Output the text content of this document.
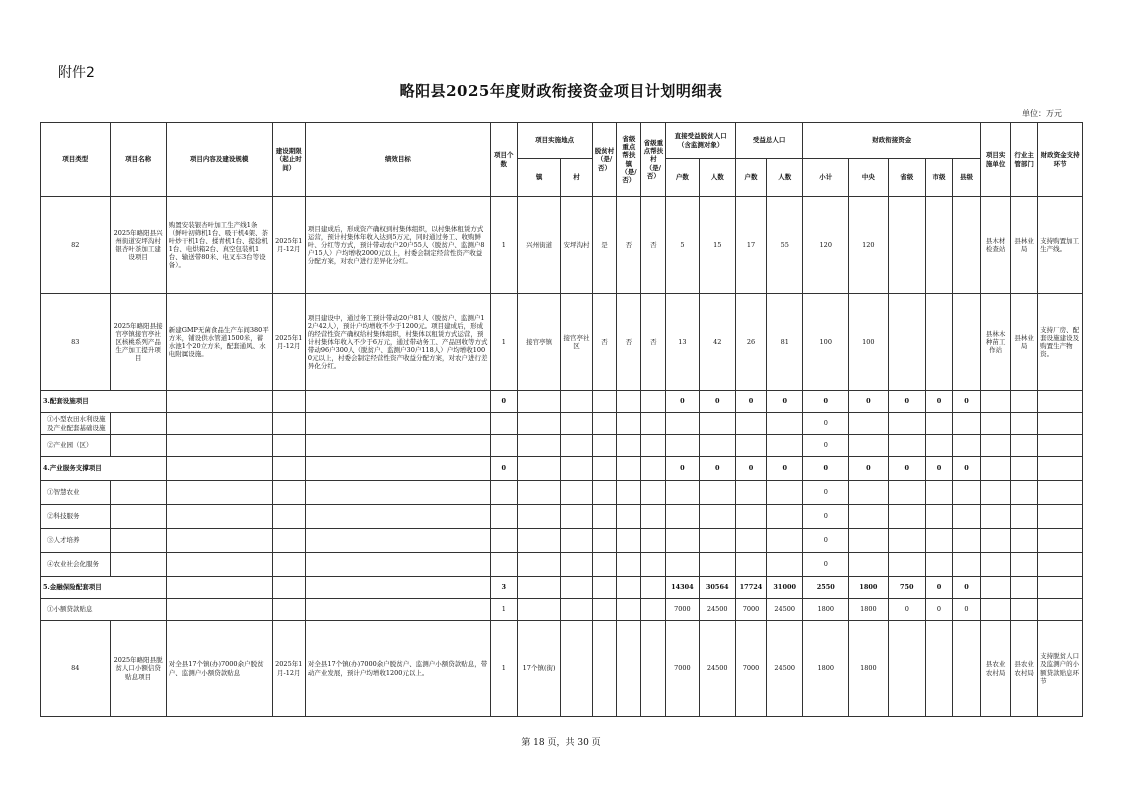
附件2
略阳县2025年度财政衔接资金项目计划明细表
单位：万元
项目类型	项目名称	项目内容及建设规模	建设期限（起止时间）	绩效目标	项目个数	项目实施地点		脱贫村（是/否）	省级重点帮扶镇（是/否）	省级重点帮扶村（是/否）	直接受益脱贫人口（含监测对象）		受益总人口		财政衔接资金					项目实施单位	行业主管部门	财政资金支持环节
						镇	村				户数	人数	户数	人数	小计	中央	省级	市级	县级			
82	2025年略阳县兴州街道安坪沟村银杏叶茶加工建设项目	购置安装银杏叶加工生产线1条（鲜叶初筛机1台、吸干机4架、茶叶炒干机1台、揉青机1台、提捻机1台、电烘箱2台、真空包装机1台、输送带80米、电叉车3台等设备）。	2025年1月-12月	项目建成后，形成资产确权到村集体组织，以村集体租赁方式运营，预计村集体年收入达到5万元，同时通过务工、收购鲜叶、分红等方式，预计带动农户20户55人（脱贫户、监测户8户15人）户均增收2000元以上，村委会制定经营性资产收益分配方案，对农户进行差异化分红。	1	兴州街道	安坪沟村	是	否	否	5	15	17	55	120	120				县木材检查站	县林业局	支持购置加工生产线。
83	2025年略阳县接官亭镇接官亭社区核桃系列产品生产加工提升项目	新建GMP无菌食品生产车间380平方米，铺设供水管道1500米，蓄水池1个20立方米，配套通风、水电附属设施。	2025年1月-12月	项目建设中，通过务工预计带动20户81人（脱贫户、监测户12户42人），预计户均增收不少于1200元。项目建成后，形成的经营性资产确权给村集体组织，村集体以租赁方式运营，预计村集体年收入不少于6万元，通过带动务工、产品回收等方式带动96户300人（脱贫户、监测户30户118人）户均增收1000元以上，村委会制定经营性资产收益分配方案，对农户进行差异化分红。	1	接官亭镇	接官亭社区	否	否	否	13	42	26	81	100	100				县林木种苗工作站	县林业局	支持厂房、配套设施建设及购置生产物资。
3.配套设施项目					0						0	0	0	0	0	0	0	0	0			
①小型农田水利设施及产业配套基础设施															0							
②产业园（区）															0							
4.产业服务支撑项目					0						0	0	0	0	0	0	0	0	0			
①智慧农业															0							
②科技服务															0							
③人才培养															0							
④农业社会化服务															0							
5.金融保险配套项目					3						14304	30564	17724	31000	2550	1800	750	0	0			
①小额贷款贴息					1						7000	24500	7000	24500	1800	1800	0	0	0			
84	2025年略阳县脱贫人口小额信贷贴息项目	对全县17个镇(办)7000余户脱贫户、监测户小额贷款贴息	2025年1月-12月	对全县17个镇(办)7000余户脱贫户、监测户小额贷款贴息，带动产业发展，预计户均增收1200元以上。	1	17个镇(街)					7000	24500	7000	24500	1800	1800				县农业农村局	县农业农村局	支持脱贫人口及监测户的小额贷款贴息环节
第 18 页，共 30 页
